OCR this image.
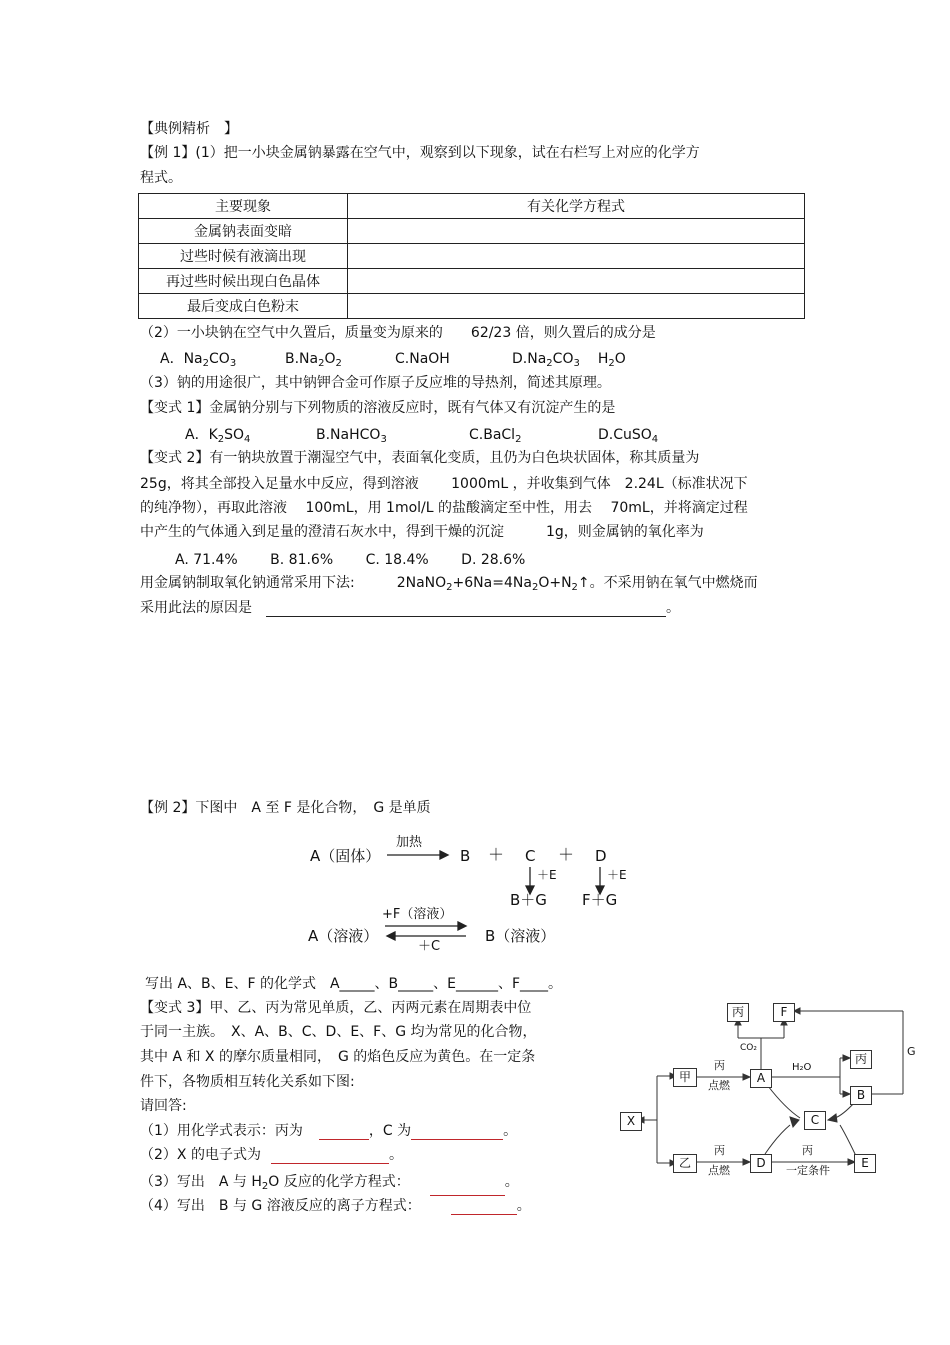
【典例精析　】
【例 1】(1）把一小块金属钠暴露在空气中，观察到以下现象，试在右栏写上对应的化学方
程式。
主要现象	有关化学方程式
金属钠表面变暗	
过些时候有液滴出现	
再过些时候出现白色晶体	
最后变成白色粉末	
（2）一小块钠在空气中久置后，质量变为原来的　　62/23 倍，则久置后的成分是
A．$Na_2CO_3$	$B.Na_2O_2$	C.NaOH	$D.Na_2CO_3$ $H_2O$
（3）钠的用途很广，其中钠钾合金可作原子反应堆的导热剂，简述其原理。
【变式 1】金属钠分别与下列物质的溶液反应时，既有气体又有沉淀产生的是
A．$K_2SO_4$	B.NaHCO$_3$	C.BaCl$_2$	D.CuSO$_4$
【变式 2】有一钠块放置于潮湿空气中，表面氧化变质，且仍为白色块状固体，称其质量为
25g，将其全部投入足量水中反应，得到溶液　　 1000mL ，并收集到气体　2.24L（标准状况下
的纯净物），再取此溶液　 100mL，用 1mol/L 的盐酸滴定至中性，用去　 70mL，并将滴定过程
中产生的气体通入到足量的澄清石灰水中，得到干燥的沉淀　　　1g，则金属钠的氧化率为
A. 71.4%　　 B. 81.6%　　 C. 18.4%　　 D. 28.6%
用金属钠制取氧化钠通常采用下法:　　　$2NaNO_2+6Na=4Na_2O+N_2↑$。不采用钠在氧气中燃烧而
采用此法的原因是	。
【例 2】下图中　A 至 F 是化合物，　G 是单质
A（固体）
加热
B ＋ C ＋ D
＋E	＋E
B＋G F＋G
+F（溶液）
＋C
A（溶液）	B（溶液）
写出 A、B、E、F 的化学式　A_____、B_____、E______、F____。
【变式 3】甲、乙、丙为常见单质，乙、丙两元素在周期表中位
于同一主族。　X、A、B、C、D、E、F、G 均为常见的化合物，
其中 A 和 X 的摩尔质量相同，　G 的焰色反应为黄色。在一定条
件下，各物质相互转化关系如下图:
请回答:
（1）用化学式表示：丙为	，C 为	。
（2）X 的电子式为	。
（3）写出　A 与 $H_2O$ 反应的化学方程式：	。
（4）写出　B 与 G 溶液反应的离子方程式：	。
丙	F
CO₂
甲	A
H₂O
丙
B
G
X	C
乙	D	E
丙
点燃
丙
点燃
丙
一定条件
